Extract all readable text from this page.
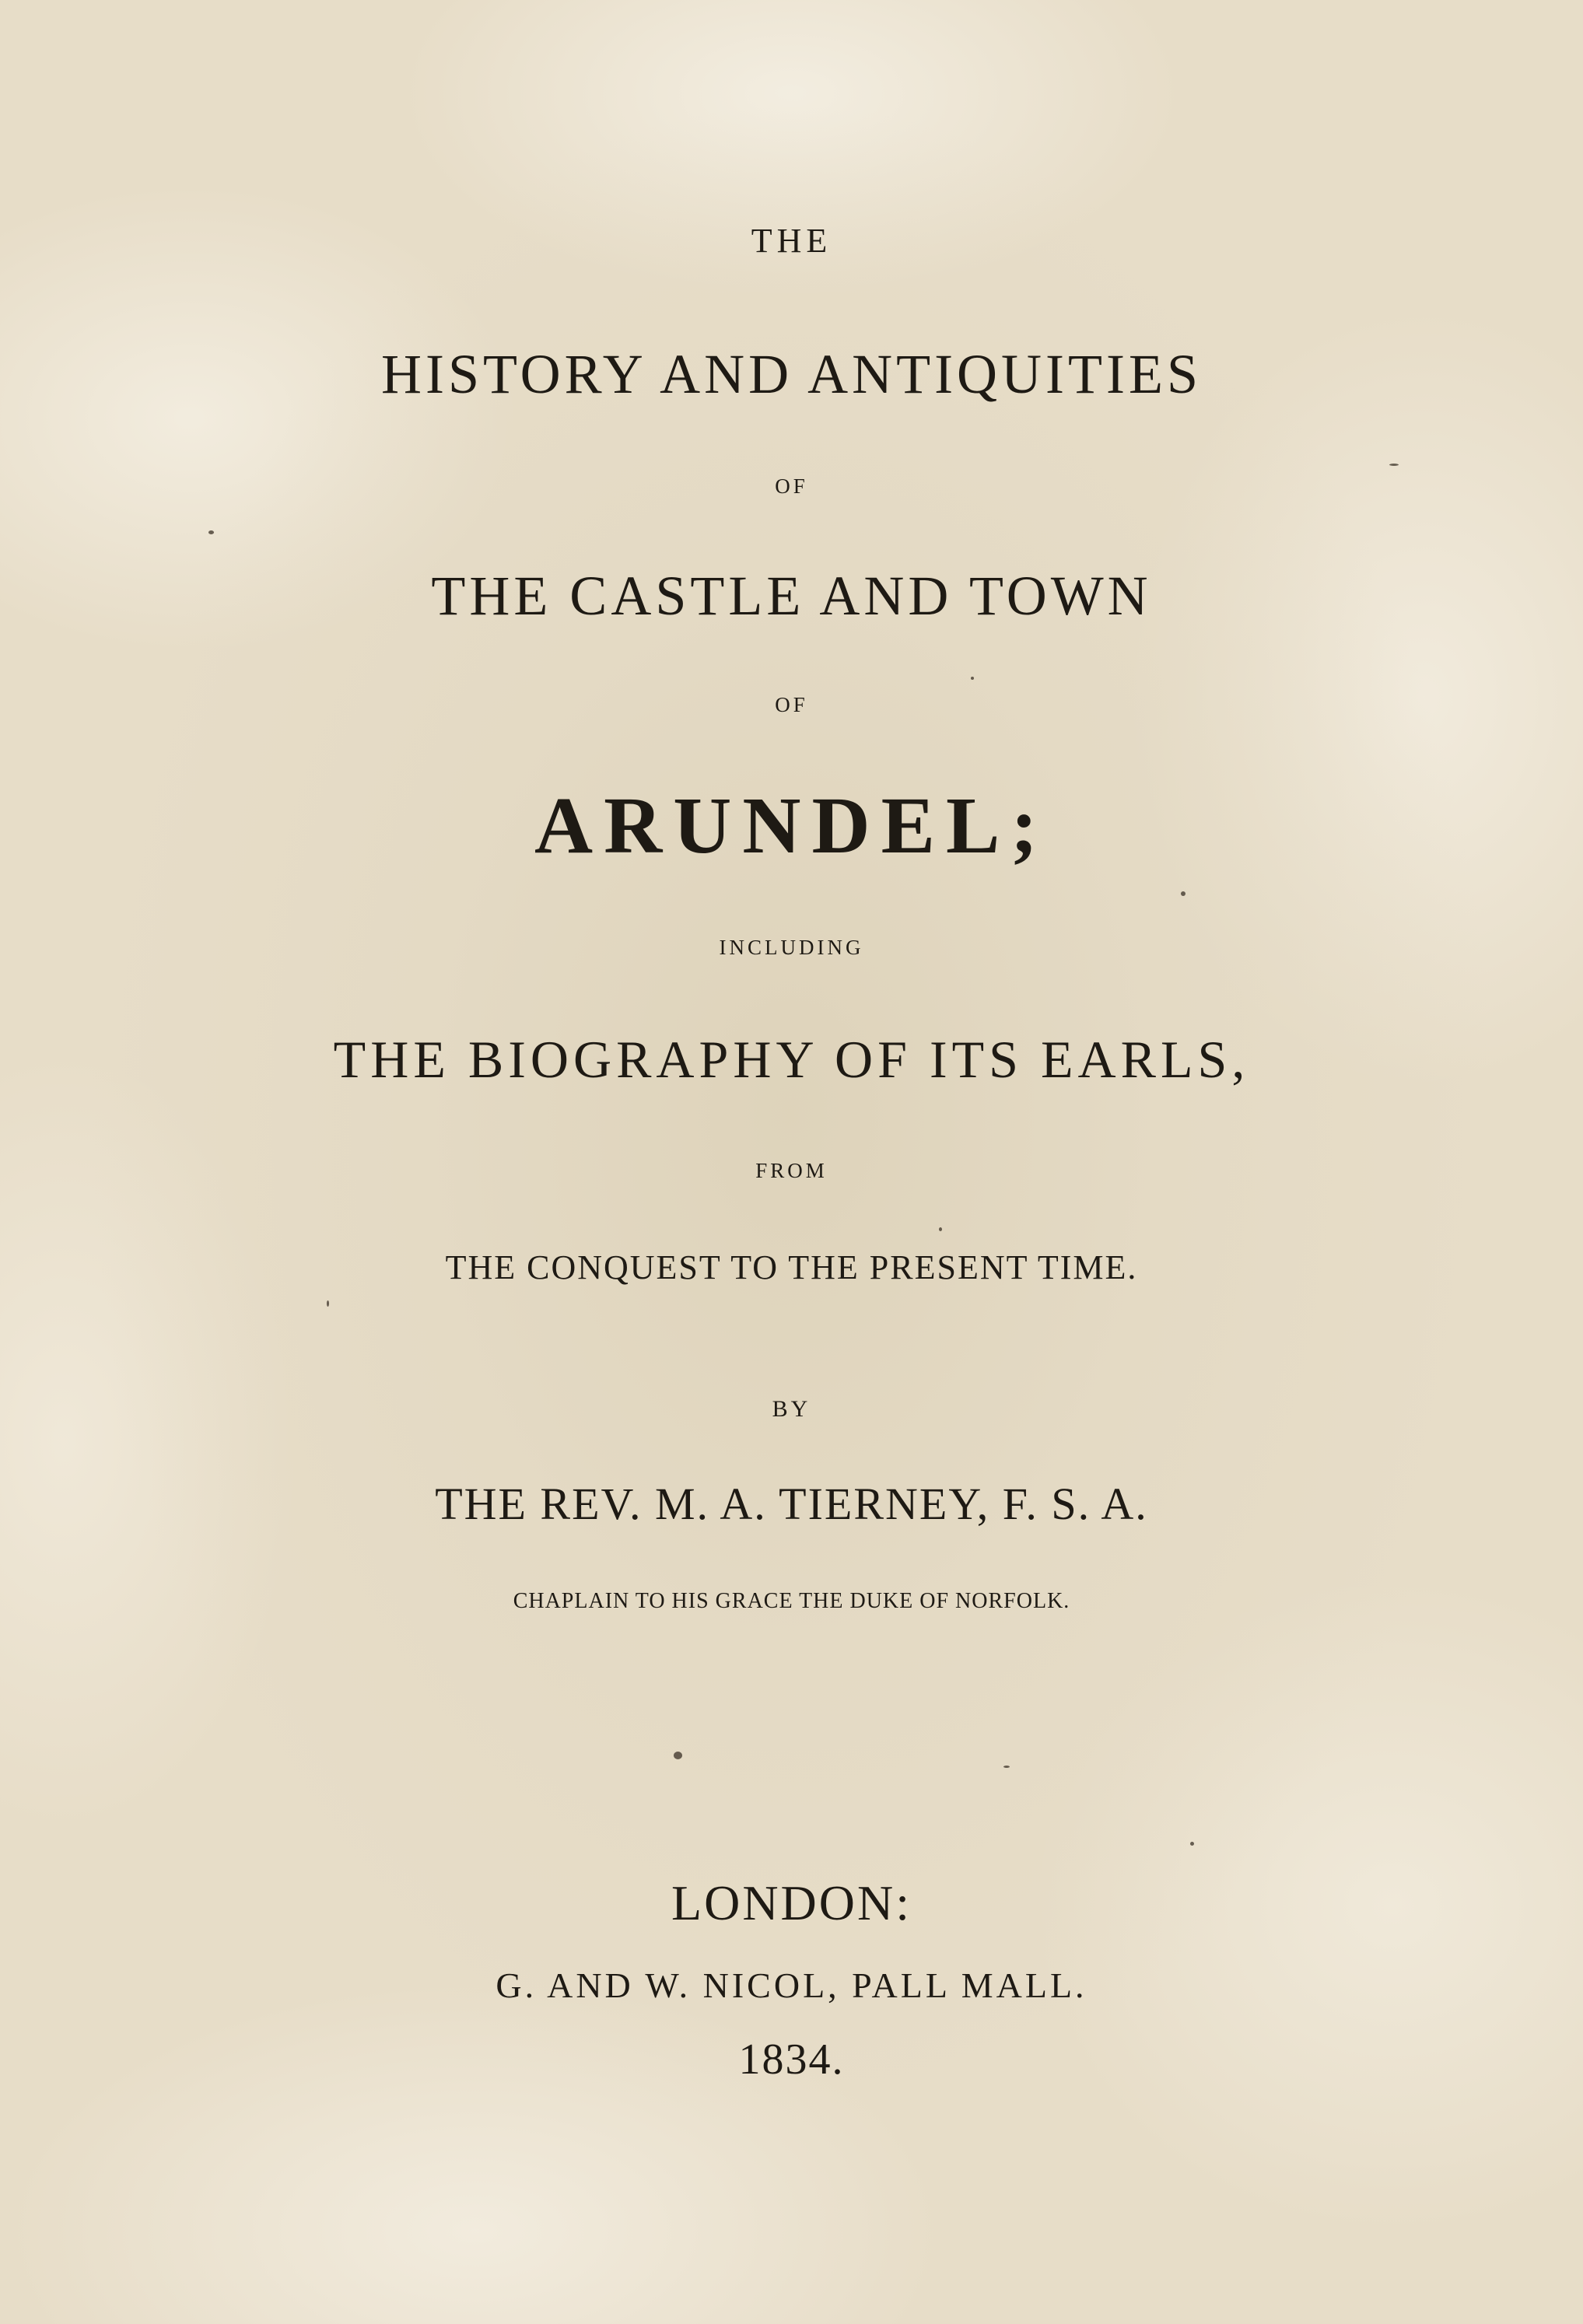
THE
HISTORY AND ANTIQUITIES
OF
THE CASTLE AND TOWN
OF
ARUNDEL;
INCLUDING
THE BIOGRAPHY OF ITS EARLS,
FROM
THE CONQUEST TO THE PRESENT TIME.
BY
THE REV. M. A. TIERNEY, F. S. A.
CHAPLAIN TO HIS GRACE THE DUKE OF NORFOLK.
LONDON:
G. AND W. NICOL, PALL MALL.
1834.
